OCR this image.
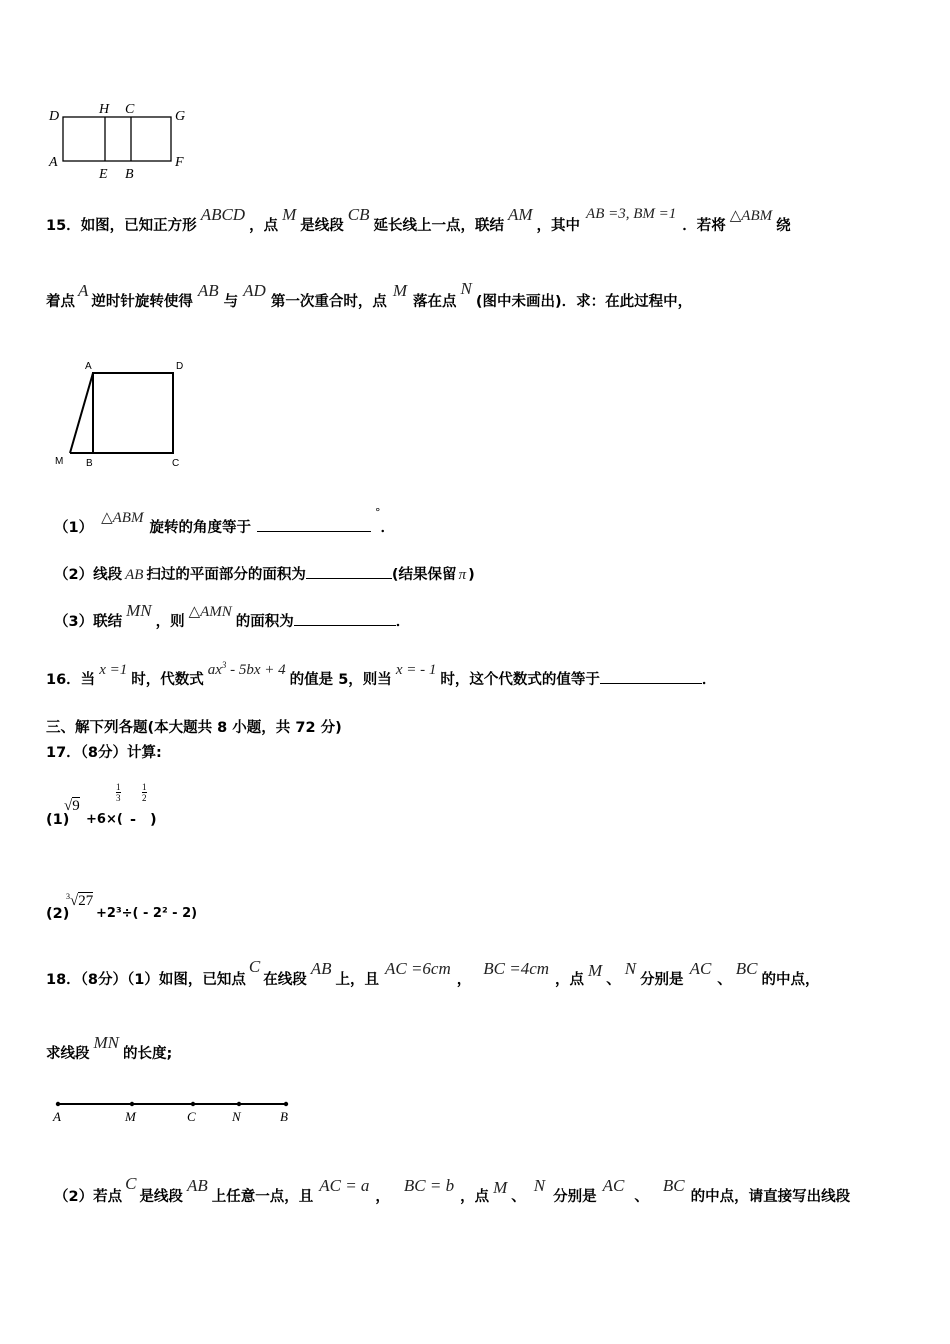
D	H C	G
A
E B
F
15．如图，已知正方形ABCD，点M是线段CB延长线上一点，联结AM，其中AB =3, BM =1．若将△ABM绕
着点A逆时针旋转使得AB与AD第一次重合时，点M落在点N(图中未画出)．求：在此过程中，
A	D
M B	C
（1）△ABM旋转的角度等于°．
（2）线段 AB 扫过的平面部分的面积为	(结果保留 π )
（3）联结MN，则△AMN的面积为	．
16．当x =1时，代数式$ax^3 - 5bx + 4$的值是 5，则当x = - 1时，这个代数式的值等于	．
三、解下列各题(本大题共 8 小题，共 72 分)
17．（8分）计算:
(1)
√9
+6×(
$\frac{1}{3}$
-
$\frac{1}{2}$
)
(2)
$^3$√27
+2³÷( - 2² - 2)
18．（8分）（1）如图，已知点C在线段AB上，且AC =6cm，BC =4cm，点 M 、N分别是AC、BC的中点，
求线段MN的长度;
A	M	C	N	B
（2）若点C是线段AB上任意一点，且AC = a，BC = b，点 M 、N分别是AC、BC的中点，请直接写出线段
